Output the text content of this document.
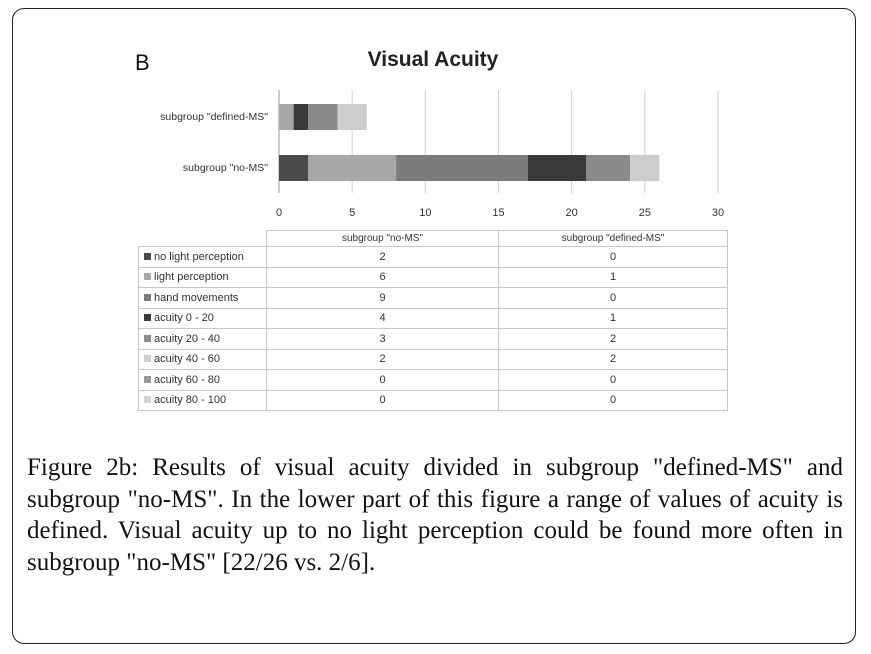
B	Visual Acuity
0	5	10	15	20	25	30
subgroup "defined-MS"
subgroup "no-MS"
	subgroup "no-MS"	subgroup "defined-MS"
no light perception	2	0
light perception	6	1
hand movements	9	0
acuity 0 - 20	4	1
acuity 20 - 40	3	2
acuity 40 - 60	2	2
acuity 60 - 80	0	0
acuity 80 - 100	0	0
Figure 2b: Results of visual acuity divided in subgroup "defined-MS" and subgroup "no-MS". In the lower part of this figure a range of values of acuity is defined. Visual acuity up to no light perception could be found more often in subgroup "no-MS" [22/26 vs. 2/6].
